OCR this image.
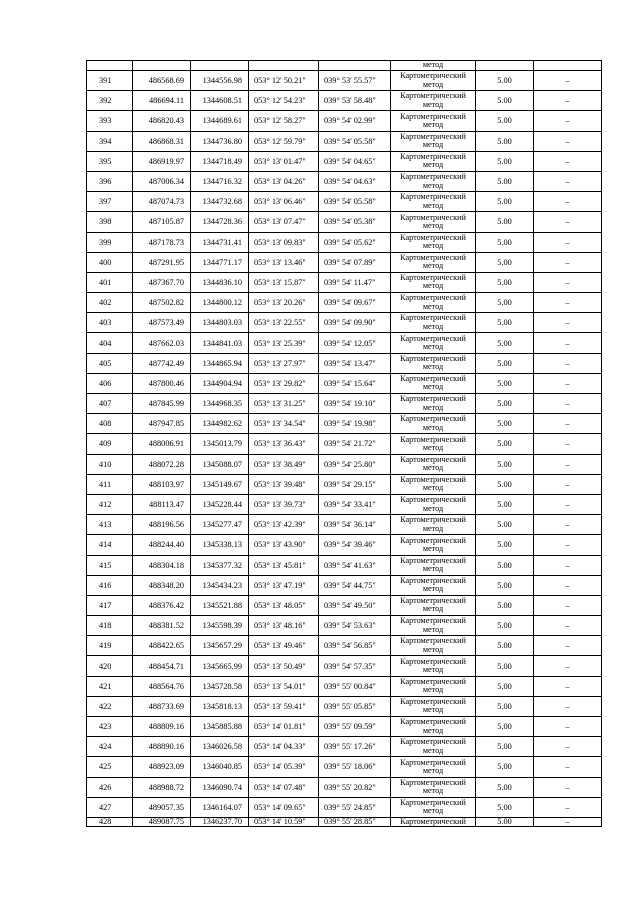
					метод		
391	486568.69	1344556.98	053° 12' 50.21"	039° 53' 55.57"	Картометрический метод	5.00	–
392	486694.11	1344608.51	053° 12' 54.23"	039° 53' 58.48"	Картометрический метод	5.00	–
393	486820.43	1344689.61	053° 12' 58.27"	039° 54' 02.99"	Картометрический метод	5.00	–
394	486868.31	1344736.80	053° 12' 59.79"	039° 54' 05.58"	Картометрический метод	5.00	–
395	486919.97	1344718.49	053° 13' 01.47"	039° 54' 04.65"	Картометрический метод	5.00	–
396	487006.34	1344716.32	053° 13' 04.26"	039° 54' 04.63"	Картометрический метод	5.00	–
397	487074.73	1344732.68	053° 13' 06.46"	039° 54' 05.58"	Картометрический метод	5.00	–
398	487105.87	1344728.36	053° 13' 07.47"	039° 54' 05.38"	Картометрический метод	5.00	–
399	487178.73	1344731.41	053° 13' 09.83"	039° 54' 05.62"	Картометрический метод	5.00	–
400	487291.95	1344771.17	053° 13' 13.46"	039° 54' 07.89"	Картометрический метод	5.00	–
401	487367.70	1344836.10	053° 13' 15.87"	039° 54' 11.47"	Картометрический метод	5.00	–
402	487502.82	1344800.12	053° 13' 20.26"	039° 54' 09.67"	Картометрический метод	5.00	–
403	487573.49	1344803.03	053° 13' 22.55"	039° 54' 09.90"	Картометрический метод	5.00	–
404	487662.03	1344841.03	053° 13' 25.39"	039° 54' 12.05"	Картометрический метод	5.00	–
405	487742.49	1344865.94	053° 13' 27.97"	039° 54' 13.47"	Картометрический метод	5.00	–
406	487800.46	1344904.94	053° 13' 29.82"	039° 54' 15.64"	Картометрический метод	5.00	–
407	487845.99	1344968.35	053° 13' 31.25"	039° 54' 19.10"	Картометрический метод	5.00	–
408	487947.85	1344982.62	053° 13' 34.54"	039° 54' 19.98"	Картометрический метод	5.00	–
409	488006.91	1345013.79	053° 13' 36.43"	039° 54' 21.72"	Картометрический метод	5.00	–
410	488072.28	1345088.07	053° 13' 38.49"	039° 54' 25.80"	Картометрический метод	5.00	–
411	488103.97	1345149.67	053° 13' 39.48"	039° 54' 29.15"	Картометрический метод	5.00	–
412	488113.47	1345228.44	053° 13' 39.73"	039° 54' 33.41"	Картометрический метод	5.00	–
413	488196.56	1345277.47	053° 13' 42.39"	039° 54' 36.14"	Картометрический метод	5.00	–
414	488244.40	1345338.13	053° 13' 43.90"	039° 54' 39.46"	Картометрический метод	5.00	–
415	488304.18	1345377.32	053° 13' 45.81"	039° 54' 41.63"	Картометрический метод	5.00	–
416	488348.20	1345434.23	053° 13' 47.19"	039° 54' 44.75"	Картометрический метод	5.00	–
417	488376.42	1345521.88	053° 13' 48.05"	039° 54' 49.50"	Картометрический метод	5.00	–
418	488381.52	1345598.39	053° 13' 48.16"	039° 54' 53.63"	Картометрический метод	5.00	–
419	488422.65	1345657.29	053° 13' 49.46"	039° 54' 56.85"	Картометрический метод	5.00	–
420	488454.71	1345665.99	053° 13' 50.49"	039° 54' 57.35"	Картометрический метод	5.00	–
421	488564.76	1345728.58	053° 13' 54.01"	039° 55' 00.84"	Картометрический метод	5.00	–
422	488733.69	1345818.13	053° 13' 59.41"	039° 55' 05.85"	Картометрический метод	5.00	–
423	488809.16	1345885.88	053° 14' 01.81"	039° 55' 09.59"	Картометрический метод	5.00	–
424	488890.16	1346026.58	053° 14' 04.33"	039° 55' 17.26"	Картометрический метод	5.00	–
425	488923.09	1346040.85	053° 14' 05.39"	039° 55' 18.06"	Картометрический метод	5.00	–
426	488988.72	1346090.74	053° 14' 07.48"	039° 55' 20.82"	Картометрический метод	5.00	–
427	489057.35	1346164.07	053° 14' 09.65"	039° 55' 24.85"	Картометрический метод	5.00	–
428	489087.75	1346237.70	053° 14' 10.59"	039° 55' 28.85"	Картометрический	5.00	–
